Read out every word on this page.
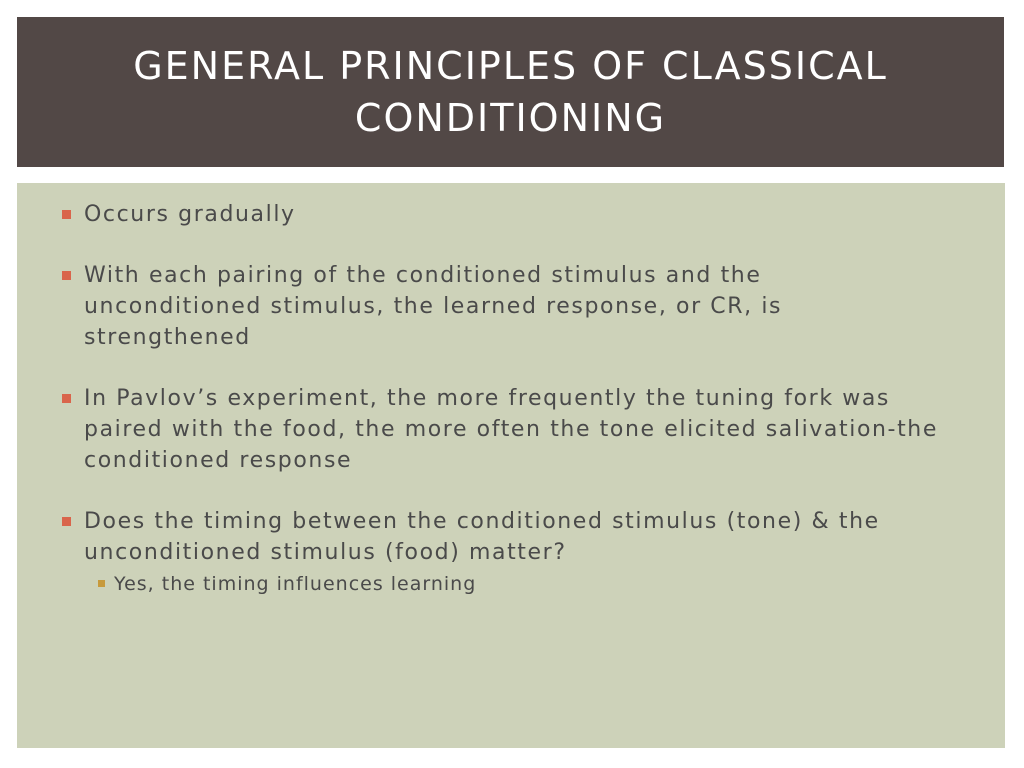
GENERAL PRINCIPLES OF CLASSICAL CONDITIONING
Occurs gradually
With each pairing of the conditioned stimulus and the unconditioned stimulus, the learned response, or CR, is strengthened
In Pavlov’s experiment, the more frequently the tuning fork was paired with the food, the more often the tone elicited salivation-the conditioned response
Does the timing between the conditioned stimulus (tone) & the unconditioned stimulus (food) matter?
Yes, the timing influences learning
